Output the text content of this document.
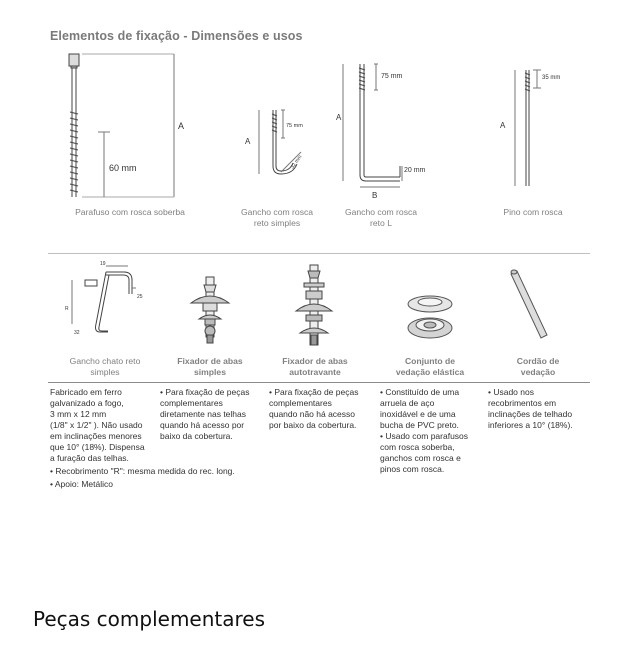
Elementos de fixação - Dimensões e usos
A
60 mm
Parafuso com rosca soberba
75 mm
32 mm
A
Gancho com rosca
reto simples
A
75 mm
20 mm
B
Gancho com rosca
reto L
A
35 mm
Pino com rosca
19
25
R
32
Gancho chato reto
simples
Fixador de abas
simples
Fixador de abas
autotravante
Conjunto de
vedação elástica
Cordão de
vedação
Fabricado em ferro
galvanizado a fogo,
3 mm x 12 mm
(1/8" x 1/2" ). Não usado
em inclinações menores
que 10° (18%). Dispensa
a furação das telhas.
• Para fixação de peças
complementares
diretamente nas telhas
quando há acesso por
baixo da cobertura.
• Para fixação de peças
complementares
quando não há acesso
por baixo da cobertura.
• Constituído de uma
arruela de aço
inoxidável e de uma
bucha de PVC preto.
• Usado com parafusos
com rosca soberba,
ganchos com rosca e
pinos com rosca.
• Usado nos
recobrimentos em
inclinações de telhado
inferiores a 10° (18%).
• Recobrimento "R": mesma medida do rec. long.
• Apoio: Metálico
Peças complementares
